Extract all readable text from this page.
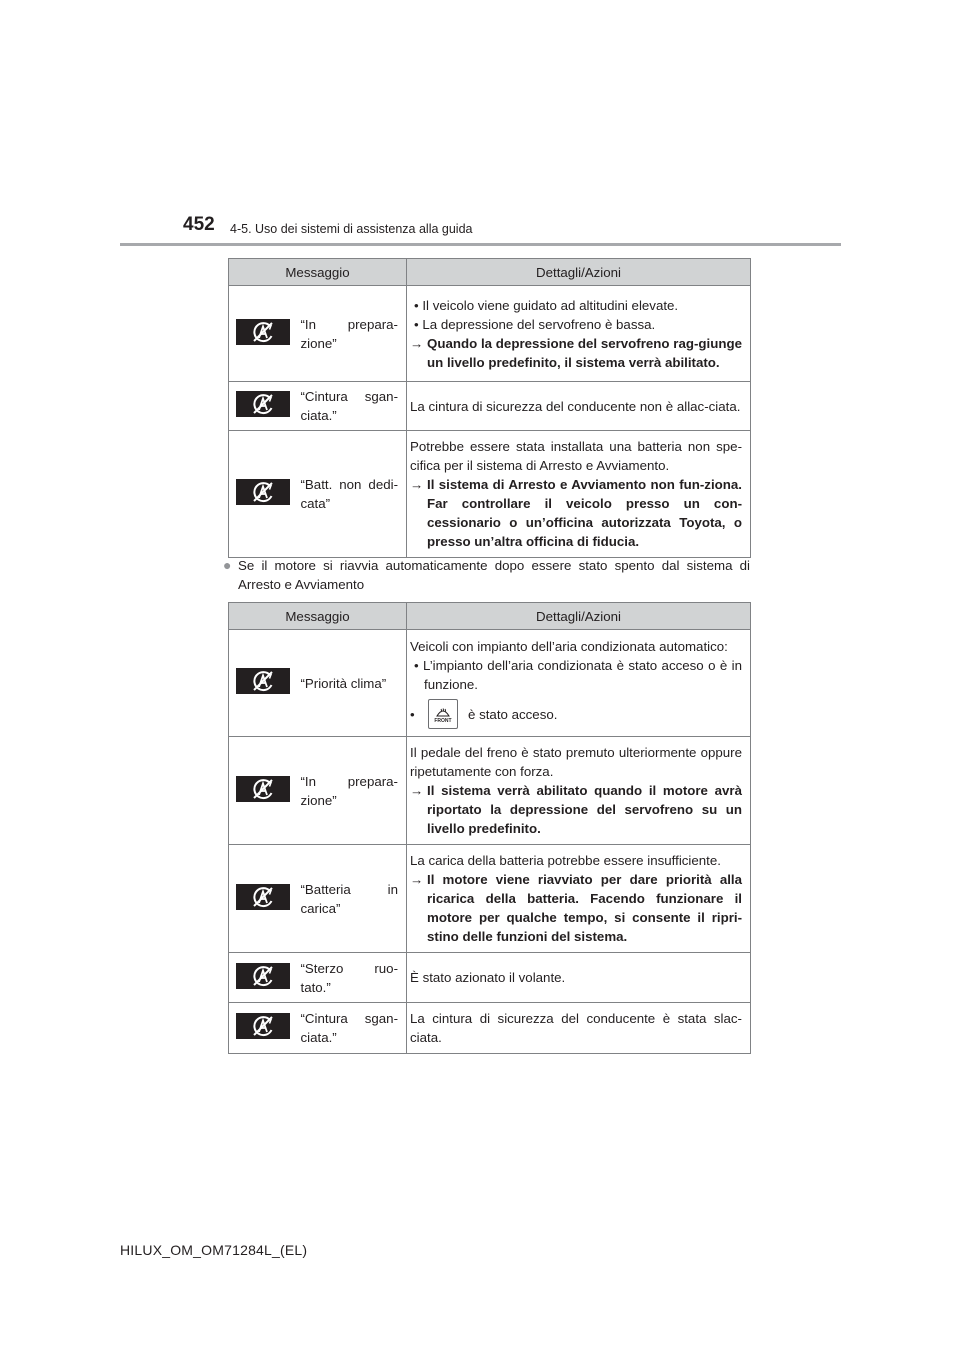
452 4-5. Uso dei sistemi di assistenza alla guida
Messaggio		Dettagli/Azioni

	“In prepara-zione”	• Il veicolo viene guidato ad altitudini elevate.
• La depressione del servofreno è bassa.
→ Quando la depressione del servofreno rag-giunge un livello predefinito, il sistema verrà abilitato.

	“Cintura sgan-ciata.”	La cintura di sicurezza del conducente non è allac-ciata.

	“Batt. non dedi-cata”	Potrebbe essere stata installata una batteria non spe-cifica per il sistema di Arresto e Avviamento.
→ Il sistema di Arresto e Avviamento non fun-ziona. Far controllare il veicolo presso un con-cessionario o un’officina autorizzata Toyota, o presso un’altra officina di fiducia.
● Se il motore si riavvia automaticamente dopo essere stato spento dal sistema di Arresto e Avviamento
Messaggio		Dettagli/Azioni

	“Priorità clima”	Veicoli con impianto dell’aria condizionata automatico:
• L’impianto dell’aria condizionata è stato acceso o è in funzione.
• FRONT è stato acceso.

	“In prepara-zione”	Il pedale del freno è stato premuto ulteriormente oppure ripetutamente con forza.
→ Il sistema verrà abilitato quando il motore avrà riportato la depressione del servofreno su un livello predefinito.

	“Batteria in carica”	La carica della batteria potrebbe essere insufficiente.
→ Il motore viene riavviato per dare priorità alla ricarica della batteria. Facendo funzionare il motore per qualche tempo, si consente il ripri-stino delle funzioni del sistema.

	“Sterzo ruo-tato.”	È stato azionato il volante.

	“Cintura sgan-ciata.”	La cintura di sicurezza del conducente è stata slac-ciata.
HILUX_OM_OM71284L_(EL)
